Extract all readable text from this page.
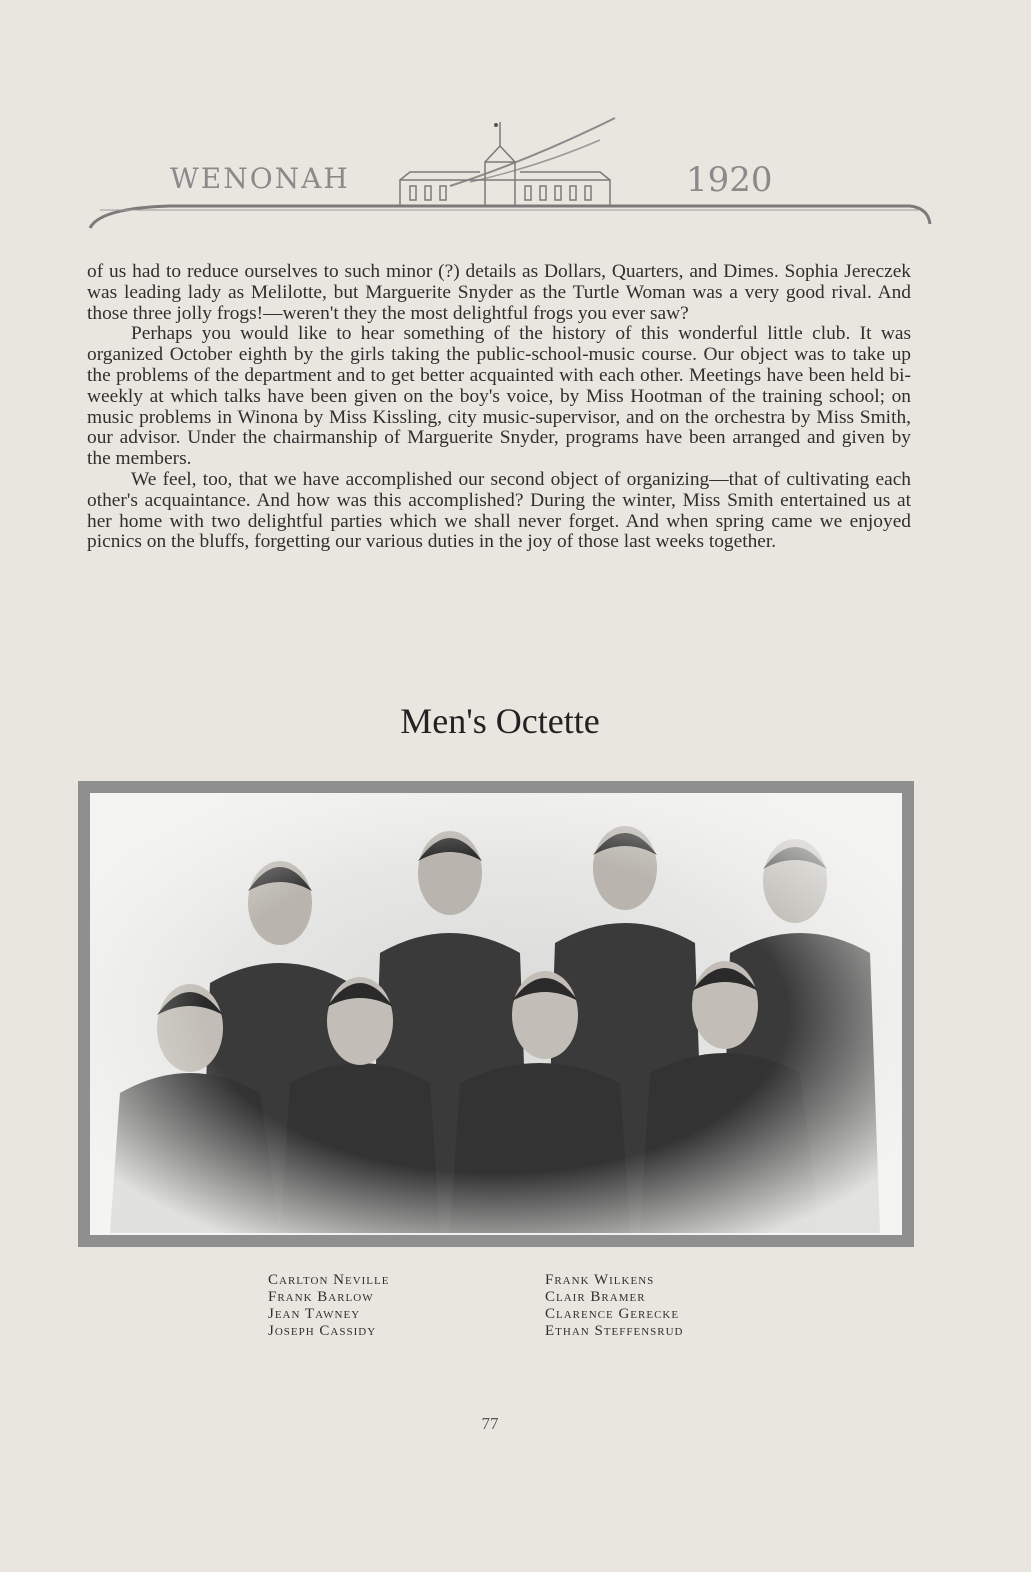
WENONAH	1920

of us had to reduce ourselves to such minor (?) details as Dollars, Quarters, and Dimes. Sophia Jereczek was leading lady as Melilotte, but Marguerite Snyder as the Turtle Woman was a very good rival. And those three jolly frogs!—weren't they the most delightful frogs you ever saw?

Perhaps you would like to hear something of the history of this wonderful little club. It was organized October eighth by the girls taking the public-school-music course. Our object was to take up the problems of the department and to get better acquainted with each other. Meetings have been held bi-weekly at which talks have been given on the boy's voice, by Miss Hootman of the training school; on music problems in Winona by Miss Kissling, city music-supervisor, and on the orchestra by Miss Smith, our advisor. Under the chairmanship of Marguerite Snyder, programs have been arranged and given by the members.

We feel, too, that we have accomplished our second object of organizing—that of cultivating each other's acquaintance. And how was this accomplished? During the winter, Miss Smith entertained us at her home with two delightful parties which we shall never forget. And when spring came we enjoyed picnics on the bluffs, forgetting our various duties in the joy of those last weeks together.

Men's Octette
Carlton Neville
Frank Barlow
Jean Tawney
Joseph Cassidy
Frank Wilkens
Clair Bramer
Clarence Gerecke
Ethan Steffensrud
77
